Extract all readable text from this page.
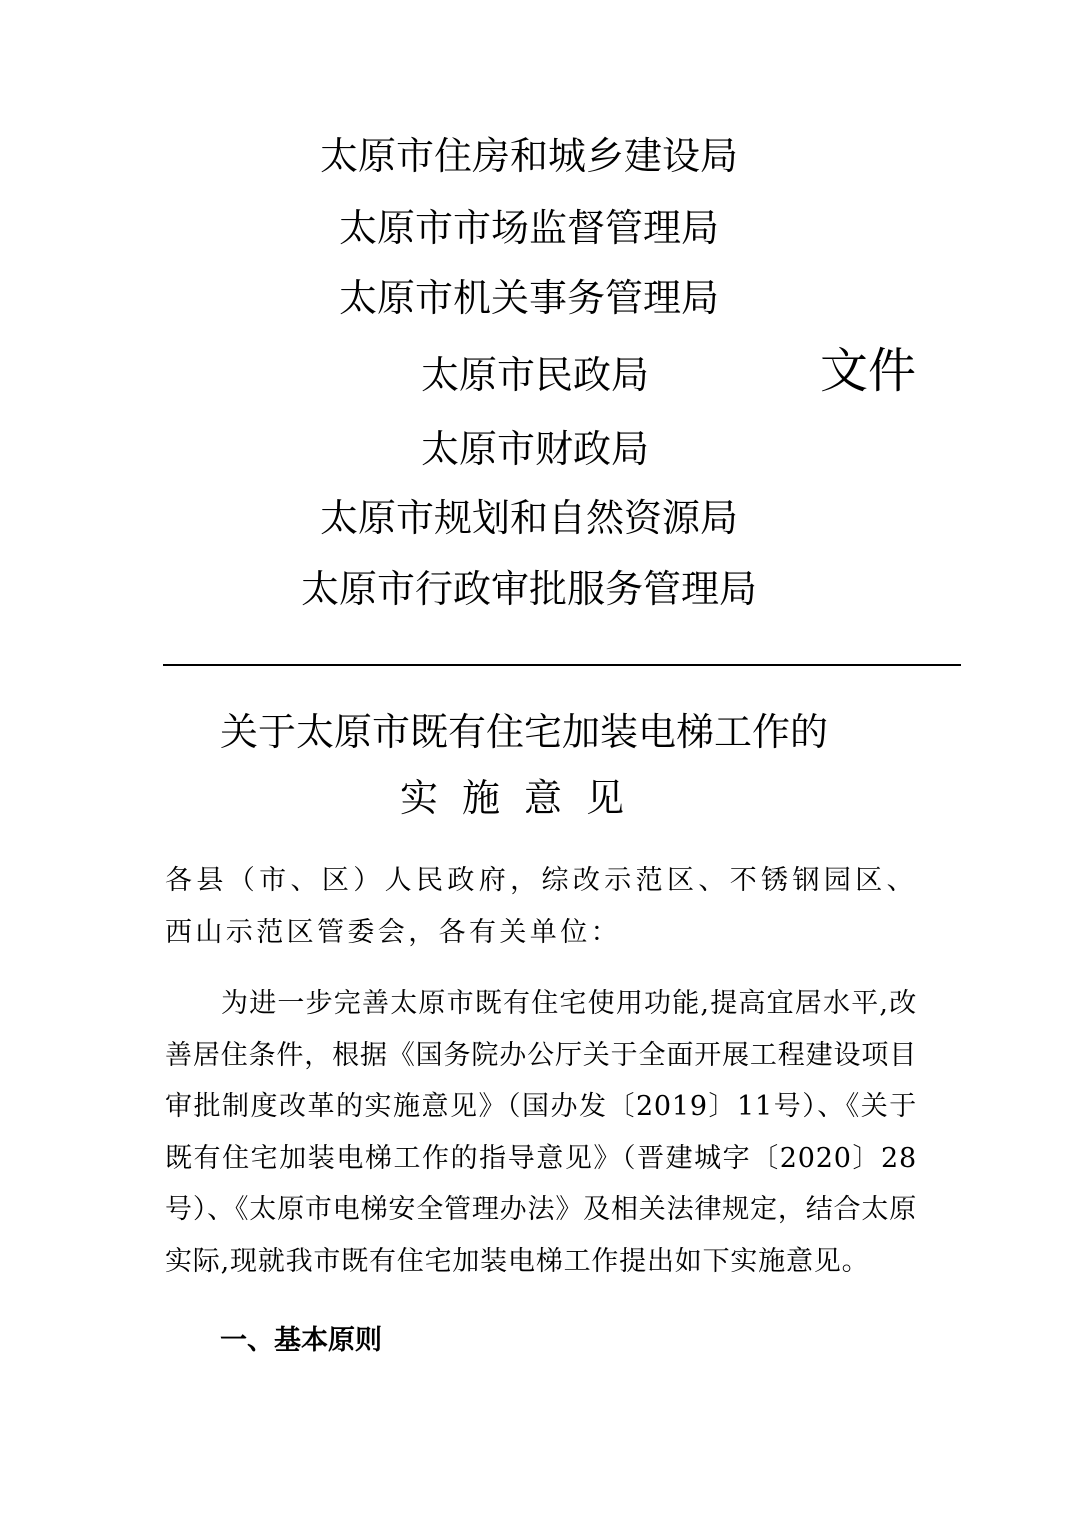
太原市住房和城乡建设局
太原市市场监督管理局
太原市机关事务管理局
太原市民政局
太原市财政局
太原市规划和自然资源局
太原市行政审批服务管理局
文件
关于太原市既有住宅加装电梯工作的
实施意见

各县（市、区）人民政府，综改示范区、不锈钢园区、西山示范区管委会，各有关单位：

为进一步完善太原市既有住宅使用功能,提高宜居水平,改善居住条件，根据《国务院办公厅关于全面开展工程建设项目审批制度改革的实施意见》（国办发〔2019〕11号）、《关于既有住宅加装电梯工作的指导意见》（晋建城字〔2020〕28号）、《太原市电梯安全管理办法》及相关法律规定，结合太原实际,现就我市既有住宅加装电梯工作提出如下实施意见。

一、基本原则
